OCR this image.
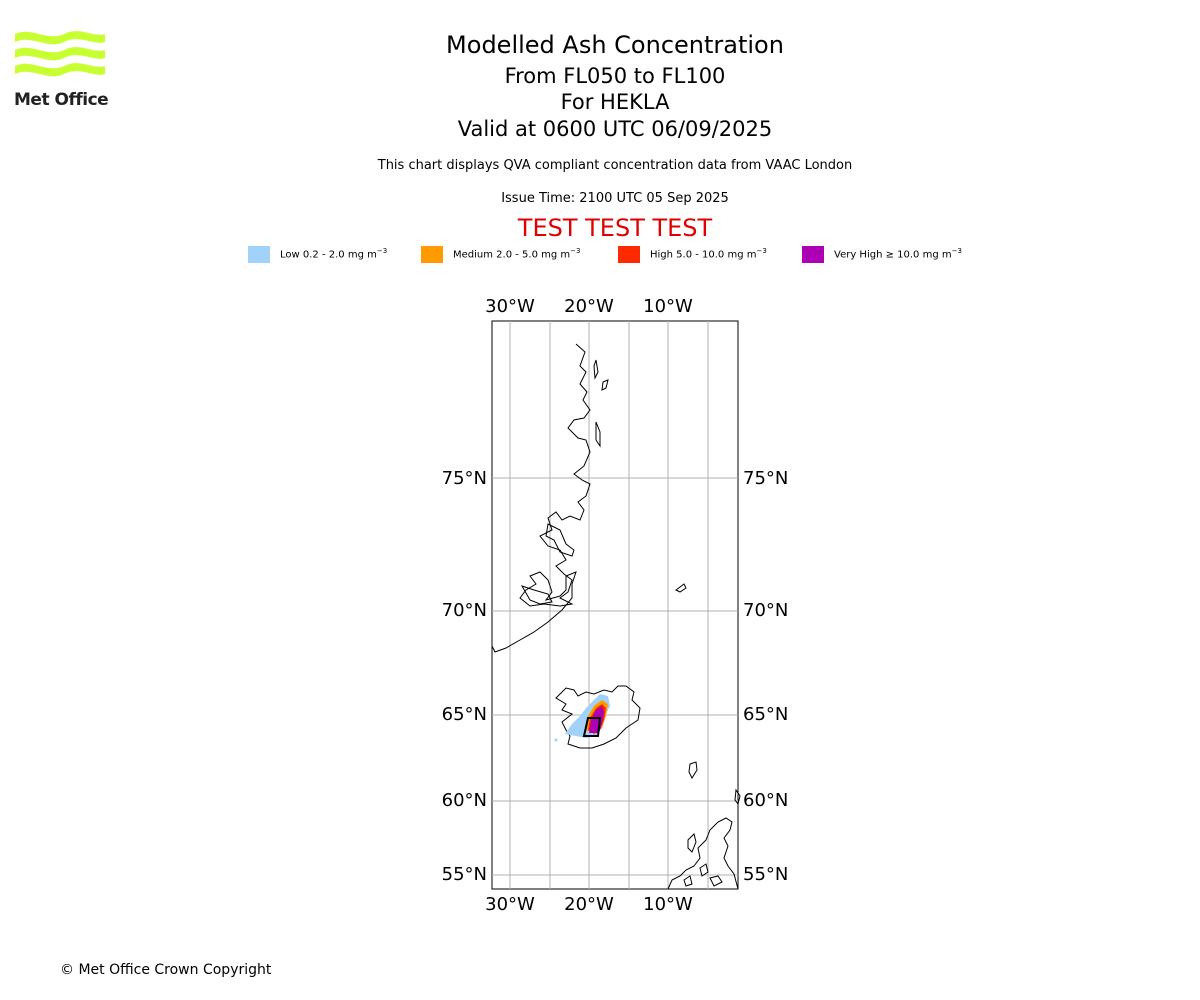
Met Office
Modelled Ash Concentration
From FL050 to FL100
For HEKLA
Valid at 0600 UTC 06/09/2025
This chart displays QVA compliant concentration data from VAAC London
Issue Time: 2100 UTC 05 Sep 2025
TEST TEST TEST
Low 0.2 - 2.0 mg $m^{-3}$	Medium 2.0 - 5.0 mg $m^{-3}$	High 5.0 - 10.0 mg $m^{-3}$	Very High ≥ 10.0 mg $m^{-3}$
30°W 20°W 10°W
30°W 20°W 10°W
75°N
70°N
65°N
60°N
55°N
75°N
70°N
65°N
60°N
55°N
© Met Office Crown Copyright
